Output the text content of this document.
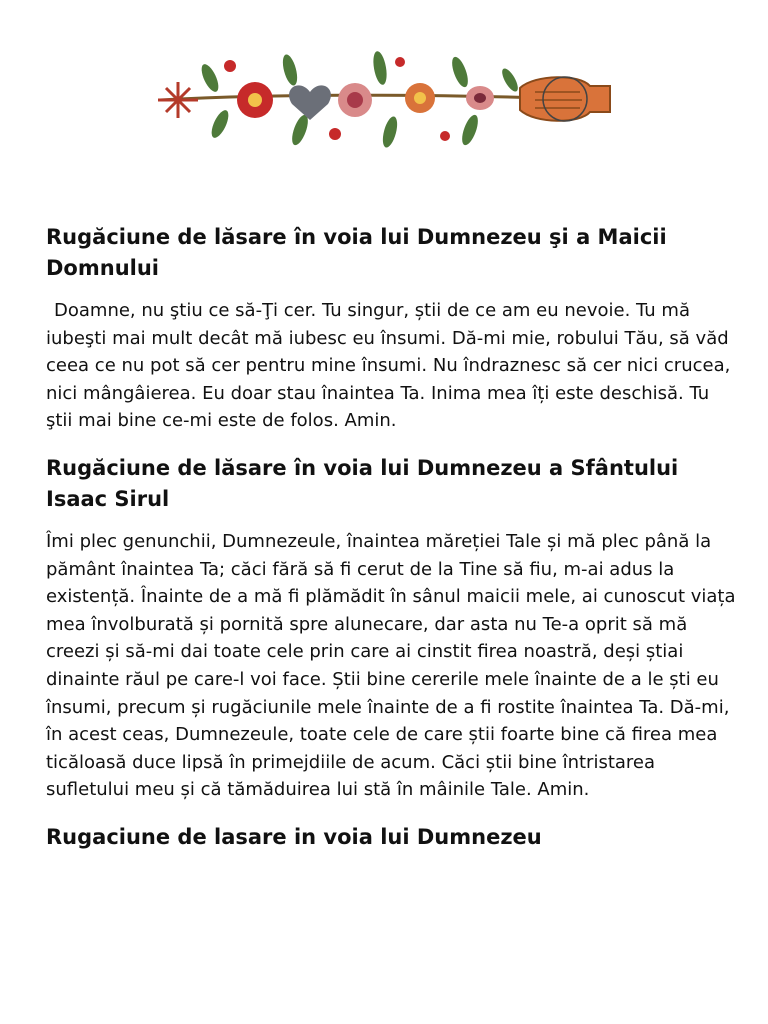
Rugăciune de lăsare în voia lui Dumnezeu şi a Maicii Domnului

Doamne, nu ştiu ce să-Ţi cer. Tu singur, știi de ce am eu nevoie. Tu mă iubeşti mai mult decât mă iubesc eu însumi. Dă-mi mie, robului Tău, să văd ceea ce nu pot să cer pentru mine însumi. Nu îndraznesc să cer nici crucea, nici mângâierea. Eu doar stau înaintea Ta. Inima mea îți este deschisă. Tu ştii mai bine ce-mi este de folos. Amin.

Rugăciune de lăsare în voia lui Dumnezeu a Sfântului Isaac Sirul

Îmi plec genunchii, Dumnezeule, înaintea măreției Tale și mă plec până la pământ înaintea Ta; căci fără să fi cerut de la Tine să fiu, m-ai adus la existență. Înainte de a mă fi plămădit în sânul maicii mele, ai cunoscut viața mea învolburată și pornită spre alunecare, dar asta nu Te-a oprit să mă creezi și să-mi dai toate cele prin care ai cinstit firea noastră, deși știai dinainte răul pe care-l voi face. Știi bine cererile mele înainte de a le ști eu însumi, precum și rugăciunile mele înainte de a fi rostite înaintea Ta. Dă-mi, în acest ceas, Dumnezeule, toate cele de care știi foarte bine că firea mea ticăloasă duce lipsă în primejdiile de acum. Căci știi bine întristarea sufletului meu și că tămăduirea lui stă în mâinile Tale. Amin.

Rugaciune de lasare in voia lui Dumnezeu
